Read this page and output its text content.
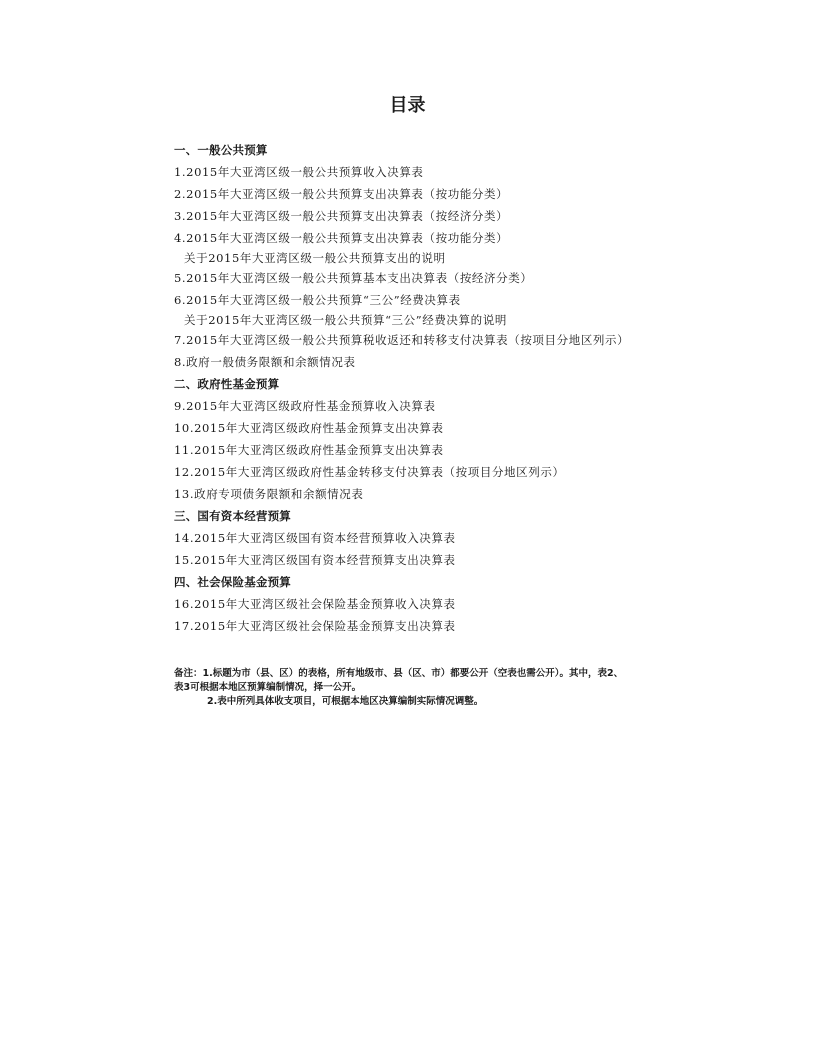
目录
一、一般公共预算
1.2015年大亚湾区级一般公共预算收入决算表
2.2015年大亚湾区级一般公共预算支出决算表（按功能分类）
3.2015年大亚湾区级一般公共预算支出决算表（按经济分类）
4.2015年大亚湾区级一般公共预算支出决算表（按功能分类）
关于2015年大亚湾区级一般公共预算支出的说明
5.2015年大亚湾区级一般公共预算基本支出决算表（按经济分类）
6.2015年大亚湾区级一般公共预算“三公”经费决算表
关于2015年大亚湾区级一般公共预算“三公”经费决算的说明
7.2015年大亚湾区级一般公共预算税收返还和转移支付决算表（按项目分地区列示）
8.政府一般债务限额和余额情况表
二、政府性基金预算
9.2015年大亚湾区级政府性基金预算收入决算表
10.2015年大亚湾区级政府性基金预算支出决算表
11.2015年大亚湾区级政府性基金预算支出决算表
12.2015年大亚湾区级政府性基金转移支付决算表（按项目分地区列示）
13.政府专项债务限额和余额情况表
三、国有资本经营预算
14.2015年大亚湾区级国有资本经营预算收入决算表
15.2015年大亚湾区级国有资本经营预算支出决算表
四、社会保险基金预算
16.2015年大亚湾区级社会保险基金预算收入决算表
17.2015年大亚湾区级社会保险基金预算支出决算表
备注：1.标题为市（县、区）的表格，所有地级市、县（区、市）都要公开（空表也需公开）。其中，表2、
表3可根据本地区预算编制情况，择一公开。
2.表中所列具体收支项目，可根据本地区决算编制实际情况调整。
